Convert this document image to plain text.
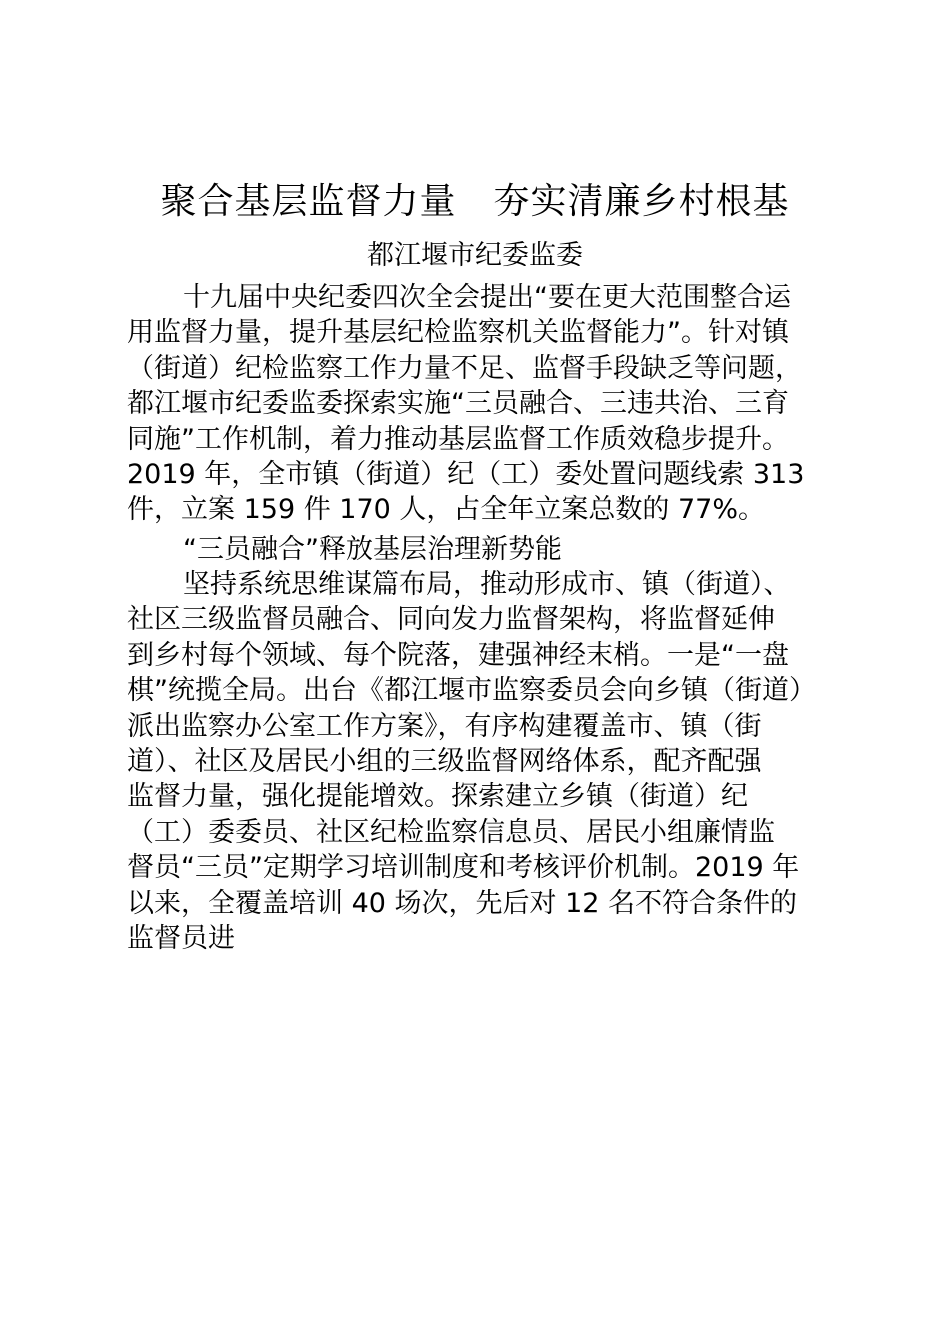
聚合基层监督力量　夯实清廉乡村根基
都江堰市纪委监委
十九届中央纪委四次全会提出“要在更大范围整合运
用监督力量，提升基层纪检监察机关监督能力”。针对镇
（街道）纪检监察工作力量不足、监督手段缺乏等问题，
都江堰市纪委监委探索实施“三员融合、三违共治、三育
同施”工作机制，着力推动基层监督工作质效稳步提升。
2019 年，全市镇（街道）纪（工）委处置问题线索 313
件，立案 159 件 170 人，占全年立案总数的 77%。
“三员融合”释放基层治理新势能
坚持系统思维谋篇布局，推动形成市、镇（街道）、
社区三级监督员融合、同向发力监督架构，将监督延伸
到乡村每个领域、每个院落，建强神经末梢。一是“一盘
棋”统揽全局。出台《都江堰市监察委员会向乡镇（街道）
派出监察办公室工作方案》，有序构建覆盖市、镇（街
道）、社区及居民小组的三级监督网络体系，配齐配强
监督力量，强化提能增效。探索建立乡镇（街道）纪
（工）委委员、社区纪检监察信息员、居民小组廉情监
督员“三员”定期学习培训制度和考核评价机制。2019 年
以来，全覆盖培训 40 场次，先后对 12 名不符合条件的
监督员进
